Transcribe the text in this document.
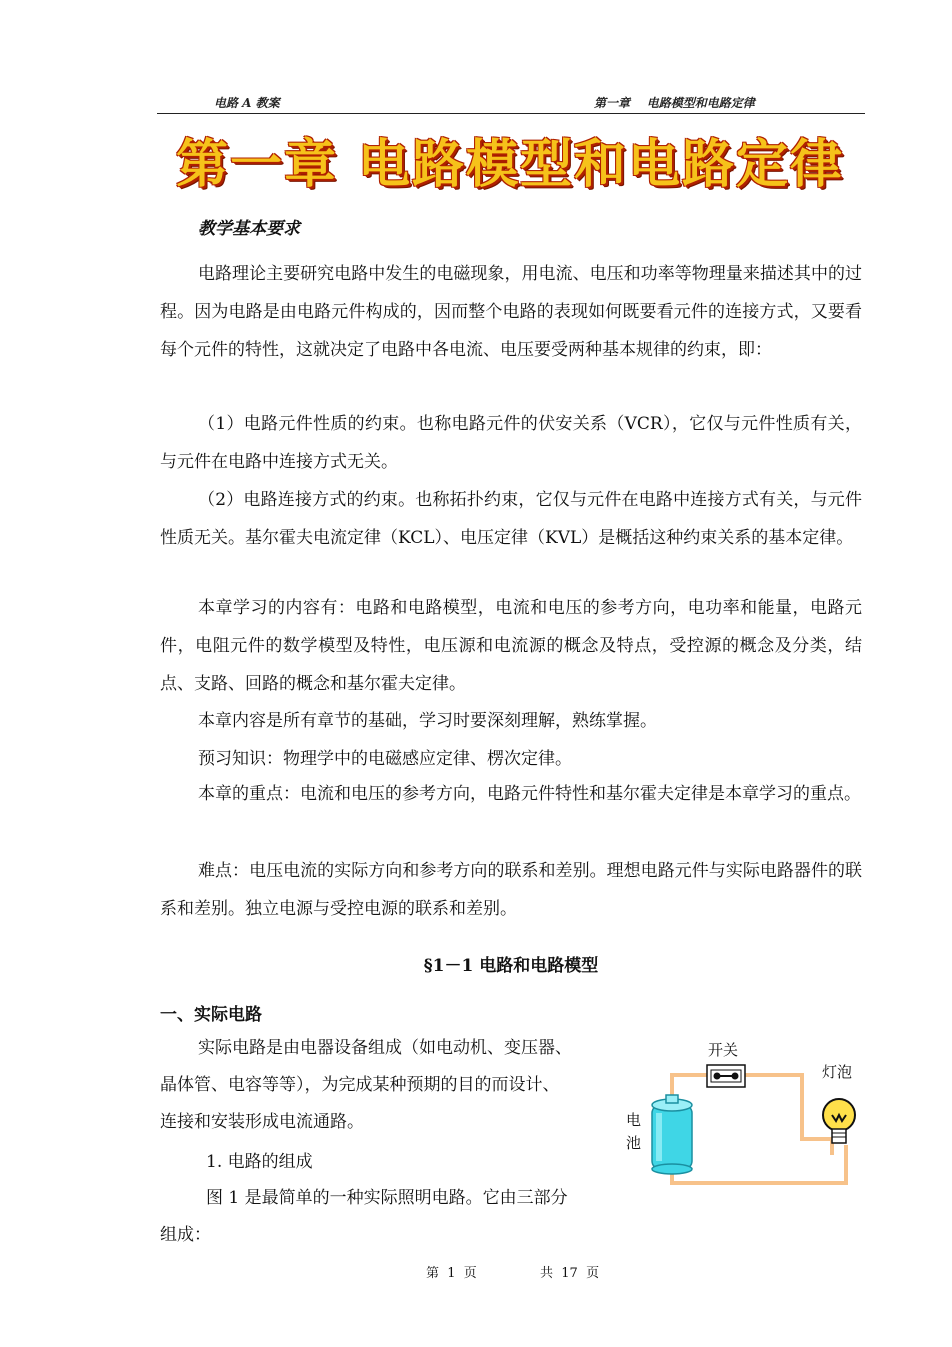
电路 A 教案	第一章    电路模型和电路定律
第一章 电路模型和电路定律
教学基本要求
电路理论主要研究电路中发生的电磁现象，用电流、电压和功率等物理量来描述其中的过程。因为电路是由电路元件构成的，因而整个电路的表现如何既要看元件的连接方式，又要看每个元件的特性，这就决定了电路中各电流、电压要受两种基本规律的约束，即：
（1）电路元件性质的约束。也称电路元件的伏安关系（VCR），它仅与元件性质有关，与元件在电路中连接方式无关。
（2）电路连接方式的约束。也称拓扑约束，它仅与元件在电路中连接方式有关，与元件性质无关。基尔霍夫电流定律（KCL）、电压定律（KVL）是概括这种约束关系的基本定律。
本章学习的内容有：电路和电路模型，电流和电压的参考方向，电功率和能量，电路元件，电阻元件的数学模型及特性，电压源和电流源的概念及特点，受控源的概念及分类，结点、支路、回路的概念和基尔霍夫定律。
本章内容是所有章节的基础，学习时要深刻理解，熟练掌握。
预习知识：物理学中的电磁感应定律、楞次定律。
本章的重点：电流和电压的参考方向，电路元件特性和基尔霍夫定律是本章学习的重点。
难点：电压电流的实际方向和参考方向的联系和差别。理想电路元件与实际电路器件的联系和差别。独立电源与受控电源的联系和差别。
§1－1 电路和电路模型
一、实际电路
实际电路是由电器设备组成（如电动机、变压器、
晶体管、电容等等），为完成某种预期的目的而设计、
连接和安装形成电流通路。
1. 电路的组成
图 1 是最简单的一种实际照明电路。它由三部分
组成：
开关
灯泡
电
池
第  1  页	共  17  页
